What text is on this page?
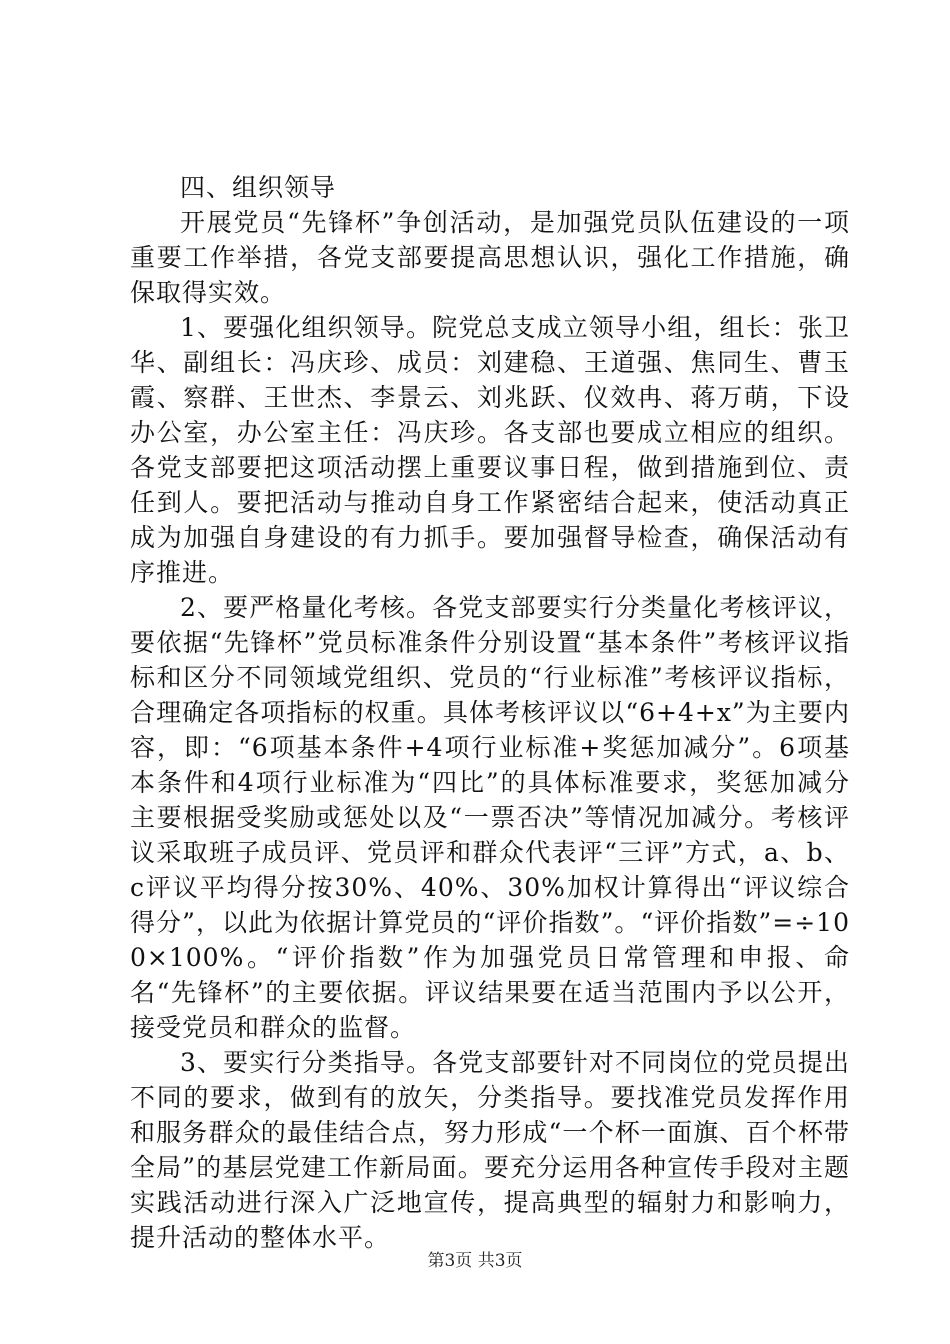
四、组织领导

开展党员“先锋杯”争创活动，是加强党员队伍建设的一项重要工作举措，各党支部要提高思想认识，强化工作措施，确保取得实效。

1、要强化组织领导。院党总支成立领导小组，组长：张卫华、副组长：冯庆珍、成员：刘建稳、王道强、焦同生、曹玉霞、察群、王世杰、李景云、刘兆跃、仪效冉、蒋万萌，下设办公室，办公室主任：冯庆珍。各支部也要成立相应的组织。各党支部要把这项活动摆上重要议事日程，做到措施到位、责任到人。要把活动与推动自身工作紧密结合起来，使活动真正成为加强自身建设的有力抓手。要加强督导检查，确保活动有序推进。

2、要严格量化考核。各党支部要实行分类量化考核评议，要依据“先锋杯”党员标准条件分别设置“基本条件”考核评议指标和区分不同领域党组织、党员的“行业标准”考核评议指标，合理确定各项指标的权重。具体考核评议以“6+4+x”为主要内容，即：“6项基本条件+4项行业标准+奖惩加减分”。6项基本条件和4项行业标准为“四比”的具体标准要求，奖惩加减分主要根据受奖励或惩处以及“一票否决”等情况加减分。考核评议采取班子成员评、党员评和群众代表评“三评”方式，a、b、c评议平均得分按30%、40%、30%加权计算得出“评议综合得分”，以此为依据计算党员的“评价指数”。“评价指数”=÷100×100%。“评价指数”作为加强党员日常管理和申报、命名“先锋杯”的主要依据。评议结果要在适当范围内予以公开，接受党员和群众的监督。

3、要实行分类指导。各党支部要针对不同岗位的党员提出不同的要求，做到有的放矢，分类指导。要找准党员发挥作用和服务群众的最佳结合点，努力形成“一个杯一面旗、百个杯带全局”的基层党建工作新局面。要充分运用各种宣传手段对主题实践活动进行深入广泛地宣传，提高典型的辐射力和影响力，提升活动的整体水平。

第3页 共3页
